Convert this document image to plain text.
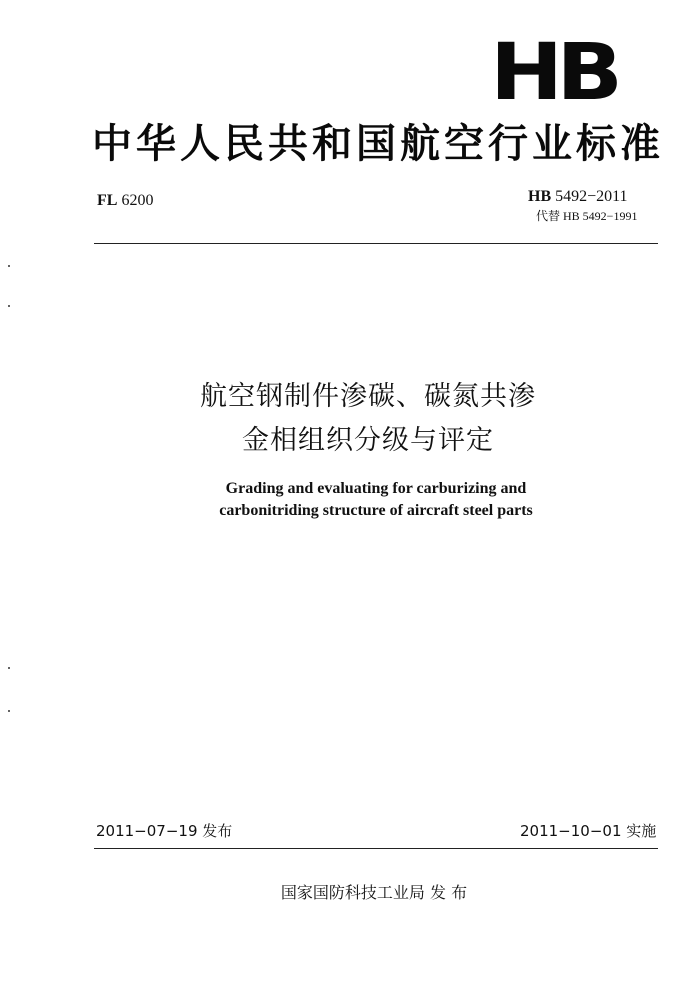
HB
中华人民共和国航空行业标准
FL 6200	HB 5492−2011
代替 HB 5492−1991
航空钢制件渗碳、碳氮共渗
金相组织分级与评定
Grading and evaluating for carburizing and
carbonitriding structure of aircraft steel parts
2011−07−19 发布	2011−10−01 实施
国家国防科技工业局 发 布
